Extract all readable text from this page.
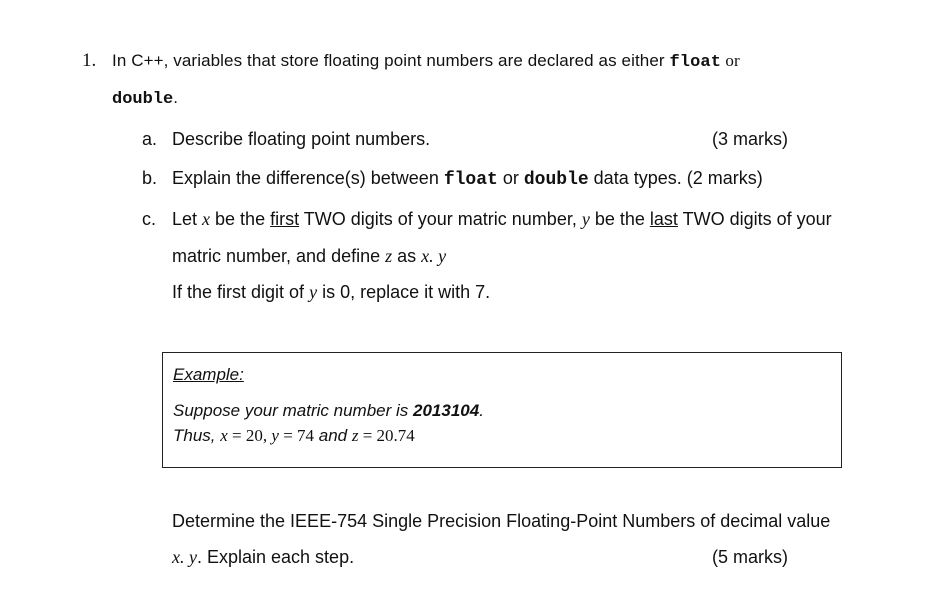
1. In C++, variables that store floating point numbers are declared as either float or
double.
a. Describe floating point numbers.	(3 marks)
b. Explain the difference(s) between float or double data types. (2 marks)
c. Let x be the first TWO digits of your matric number, y be the last TWO digits of your
matric number, and define z as x. y
If the first digit of y is 0, replace it with 7.
Example:
Suppose your matric number is 2013104.
Thus, x = 20, y = 74 and z = 20.74
Determine the IEEE-754 Single Precision Floating-Point Numbers of decimal value
x. y. Explain each step.	(5 marks)
